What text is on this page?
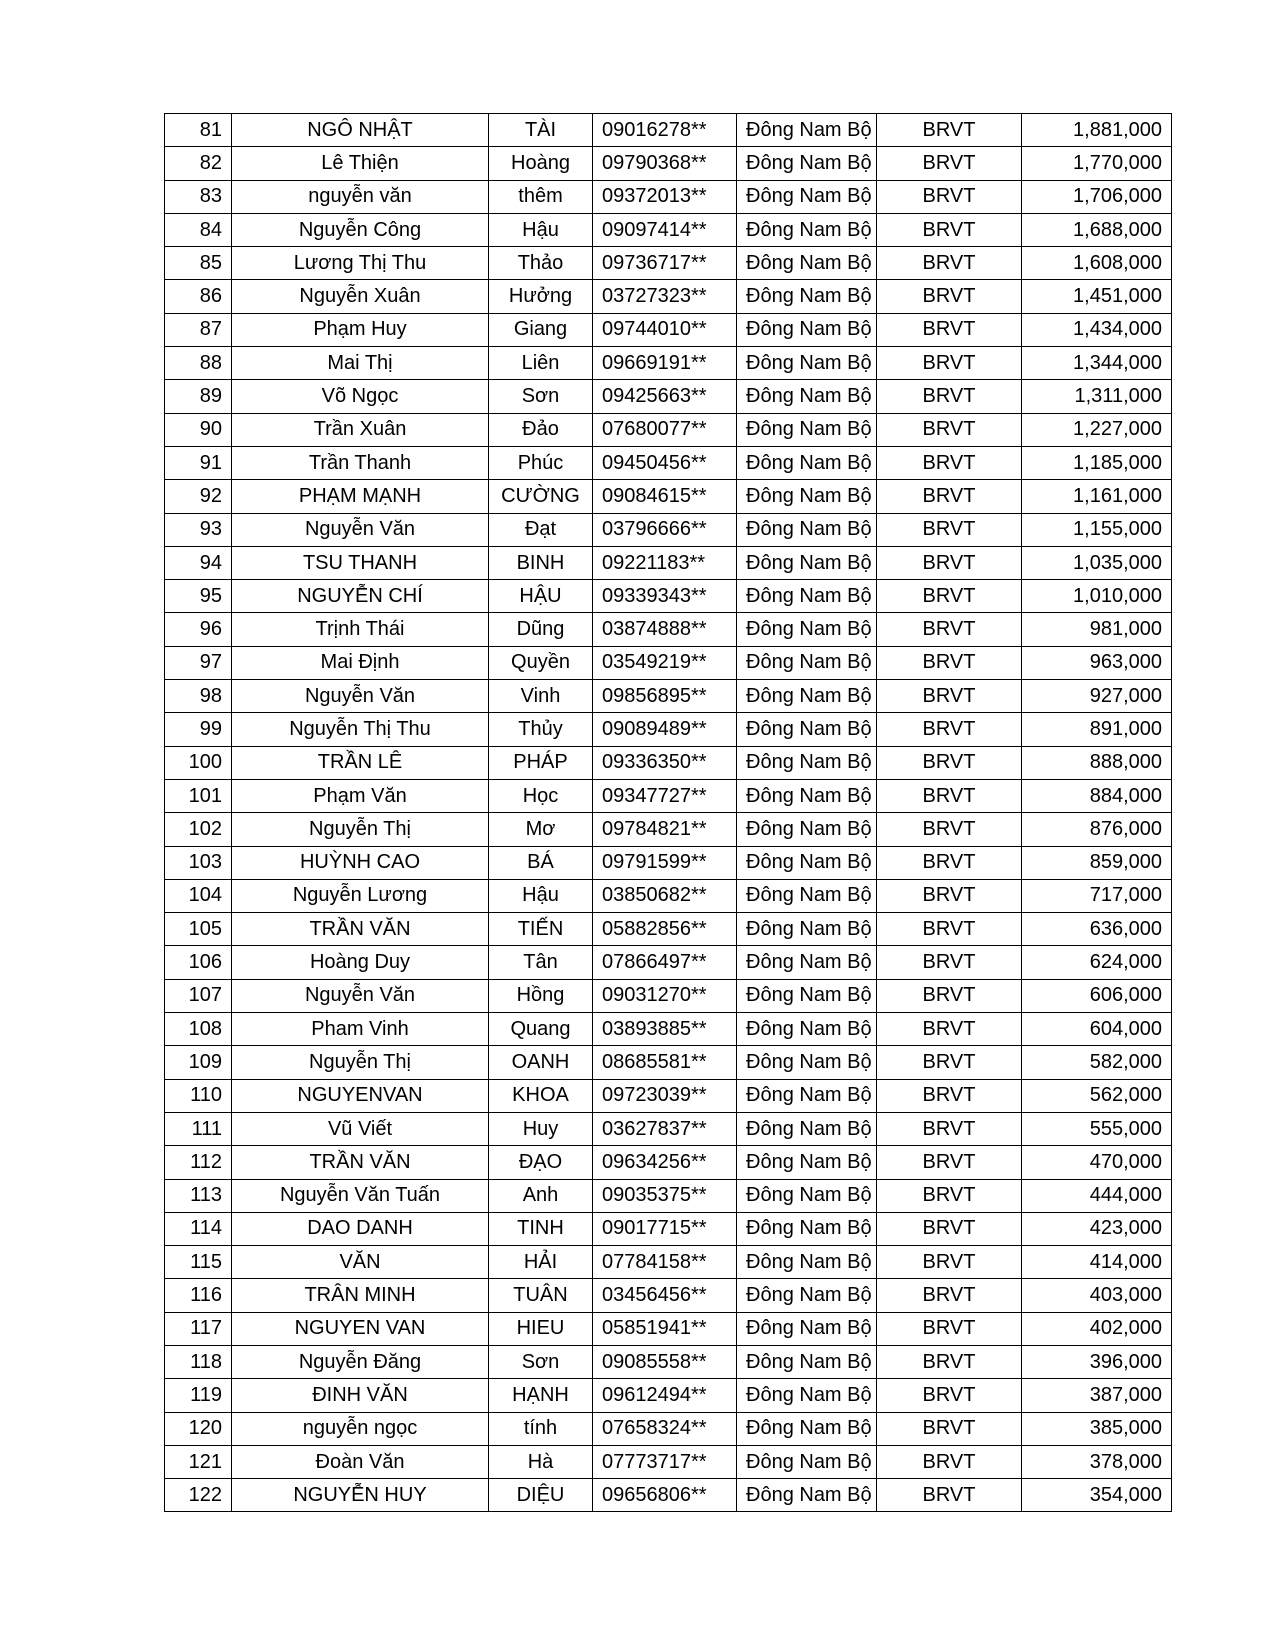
81	NGÔ NHẬT	TÀI	09016278**	Đông Nam Bộ	BRVT	1,881,000
82	Lê Thiện	Hoàng	09790368**	Đông Nam Bộ	BRVT	1,770,000
83	nguyễn văn	thêm	09372013**	Đông Nam Bộ	BRVT	1,706,000
84	Nguyễn Công	Hậu	09097414**	Đông Nam Bộ	BRVT	1,688,000
85	Lương Thị Thu	Thảo	09736717**	Đông Nam Bộ	BRVT	1,608,000
86	Nguyễn Xuân	Hưởng	03727323**	Đông Nam Bộ	BRVT	1,451,000
87	Phạm Huy	Giang	09744010**	Đông Nam Bộ	BRVT	1,434,000
88	Mai Thị	Liên	09669191**	Đông Nam Bộ	BRVT	1,344,000
89	Võ Ngọc	Sơn	09425663**	Đông Nam Bộ	BRVT	1,311,000
90	Trần Xuân	Đảo	07680077**	Đông Nam Bộ	BRVT	1,227,000
91	Trần Thanh	Phúc	09450456**	Đông Nam Bộ	BRVT	1,185,000
92	PHẠM MẠNH	CƯỜNG	09084615**	Đông Nam Bộ	BRVT	1,161,000
93	Nguyễn Văn	Đạt	03796666**	Đông Nam Bộ	BRVT	1,155,000
94	TSU THANH	BINH	09221183**	Đông Nam Bộ	BRVT	1,035,000
95	NGUYỄN CHÍ	HẬU	09339343**	Đông Nam Bộ	BRVT	1,010,000
96	Trịnh Thái	Dũng	03874888**	Đông Nam Bộ	BRVT	981,000
97	Mai Định	Quyền	03549219**	Đông Nam Bộ	BRVT	963,000
98	Nguyễn Văn	Vinh	09856895**	Đông Nam Bộ	BRVT	927,000
99	Nguyễn Thị Thu	Thủy	09089489**	Đông Nam Bộ	BRVT	891,000
100	TRẦN LÊ	PHÁP	09336350**	Đông Nam Bộ	BRVT	888,000
101	Phạm Văn	Học	09347727**	Đông Nam Bộ	BRVT	884,000
102	Nguyễn Thị	Mơ	09784821**	Đông Nam Bộ	BRVT	876,000
103	HUỲNH CAO	BÁ	09791599**	Đông Nam Bộ	BRVT	859,000
104	Nguyễn Lương	Hậu	03850682**	Đông Nam Bộ	BRVT	717,000
105	TRẦN VĂN	TIẾN	05882856**	Đông Nam Bộ	BRVT	636,000
106	Hoàng Duy	Tân	07866497**	Đông Nam Bộ	BRVT	624,000
107	Nguyễn Văn	Hồng	09031270**	Đông Nam Bộ	BRVT	606,000
108	Pham Vinh	Quang	03893885**	Đông Nam Bộ	BRVT	604,000
109	Nguyễn Thị	OANH	08685581**	Đông Nam Bộ	BRVT	582,000
110	NGUYENVAN	KHOA	09723039**	Đông Nam Bộ	BRVT	562,000
111	Vũ Viết	Huy	03627837**	Đông Nam Bộ	BRVT	555,000
112	TRẦN VĂN	ĐẠO	09634256**	Đông Nam Bộ	BRVT	470,000
113	Nguyễn Văn Tuấn	Anh	09035375**	Đông Nam Bộ	BRVT	444,000
114	DAO DANH	TINH	09017715**	Đông Nam Bộ	BRVT	423,000
115	VĂN	HẢI	07784158**	Đông Nam Bộ	BRVT	414,000
116	TRÂN MINH	TUÂN	03456456**	Đông Nam Bộ	BRVT	403,000
117	NGUYEN VAN	HIEU	05851941**	Đông Nam Bộ	BRVT	402,000
118	Nguyễn Đăng	Sơn	09085558**	Đông Nam Bộ	BRVT	396,000
119	ĐINH VĂN	HẠNH	09612494**	Đông Nam Bộ	BRVT	387,000
120	nguyễn ngọc	tính	07658324**	Đông Nam Bộ	BRVT	385,000
121	Đoàn Văn	Hà	07773717**	Đông Nam Bộ	BRVT	378,000
122	NGUYỄN HUY	DIỆU	09656806**	Đông Nam Bộ	BRVT	354,000
